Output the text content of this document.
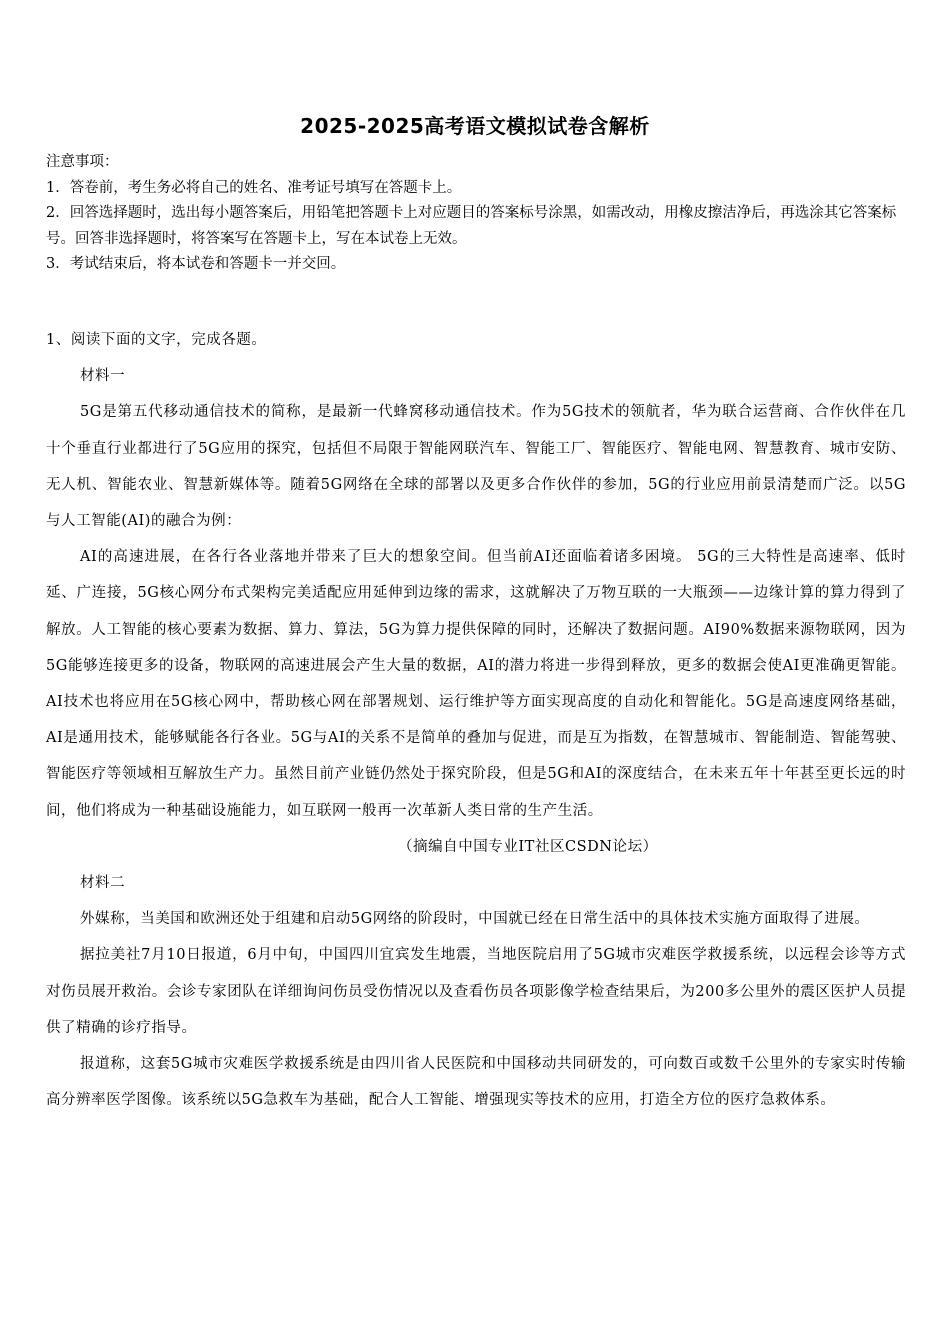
2025-2025高考语文模拟试卷含解析
注意事项：
1．答卷前，考生务必将自己的姓名、准考证号填写在答题卡上。
2．回答选择题时，选出每小题答案后，用铅笔把答题卡上对应题目的答案标号涂黑，如需改动，用橡皮擦洁净后，再选涂其它答案标号。回答非选择题时，将答案写在答题卡上，写在本试卷上无效。
3．考试结束后，将本试卷和答题卡一并交回。
1、阅读下面的文字，完成各题。
材料一
5G是第五代移动通信技术的简称，是最新一代蜂窝移动通信技术。作为5G技术的领航者，华为联合运营商、合作伙伴在几十个垂直行业都进行了5G应用的探究，包括但不局限于智能网联汽车、智能工厂、智能医疗、智能电网、智慧教育、城市安防、无人机、智能农业、智慧新媒体等。随着5G网络在全球的部署以及更多合作伙伴的参加，5G的行业应用前景清楚而广泛。以5G与人工智能(AI)的融合为例：
AI的高速进展，在各行各业落地并带来了巨大的想象空间。但当前AI还面临着诸多困境。 5G的三大特性是高速率、低时延、广连接，5G核心网分布式架构完美适配应用延伸到边缘的需求，这就解决了万物互联的一大瓶颈——边缘计算的算力得到了解放。人工智能的核心要素为数据、算力、算法，5G为算力提供保障的同时，还解决了数据问题。AI90%数据来源物联网，因为5G能够连接更多的设备，物联网的高速进展会产生大量的数据，AI的潜力将进一步得到释放，更多的数据会使AI更准确更智能。AI技术也将应用在5G核心网中，帮助核心网在部署规划、运行维护等方面实现高度的自动化和智能化。5G是高速度网络基础，AI是通用技术，能够赋能各行各业。5G与AI的关系不是简单的叠加与促进，而是互为指数，在智慧城市、智能制造、智能驾驶、智能医疗等领域相互解放生产力。虽然目前产业链仍然处于探究阶段，但是5G和AI的深度结合，在未来五年十年甚至更长远的时间，他们将成为一种基础设施能力，如互联网一般再一次革新人类日常的生产生活。
（摘编自中国专业IT社区CSDN论坛）
材料二
外媒称，当美国和欧洲还处于组建和启动5G网络的阶段时，中国就已经在日常生活中的具体技术实施方面取得了进展。
据拉美社7月10日报道，6月中旬，中国四川宜宾发生地震，当地医院启用了5G城市灾难医学救援系统，以远程会诊等方式对伤员展开救治。会诊专家团队在详细询问伤员受伤情况以及查看伤员各项影像学检查结果后，为200多公里外的震区医护人员提供了精确的诊疗指导。
报道称，这套5G城市灾难医学救援系统是由四川省人民医院和中国移动共同研发的，可向数百或数千公里外的专家实时传输高分辨率医学图像。该系统以5G急救车为基础，配合人工智能、增强现实等技术的应用，打造全方位的医疗急救体系。
